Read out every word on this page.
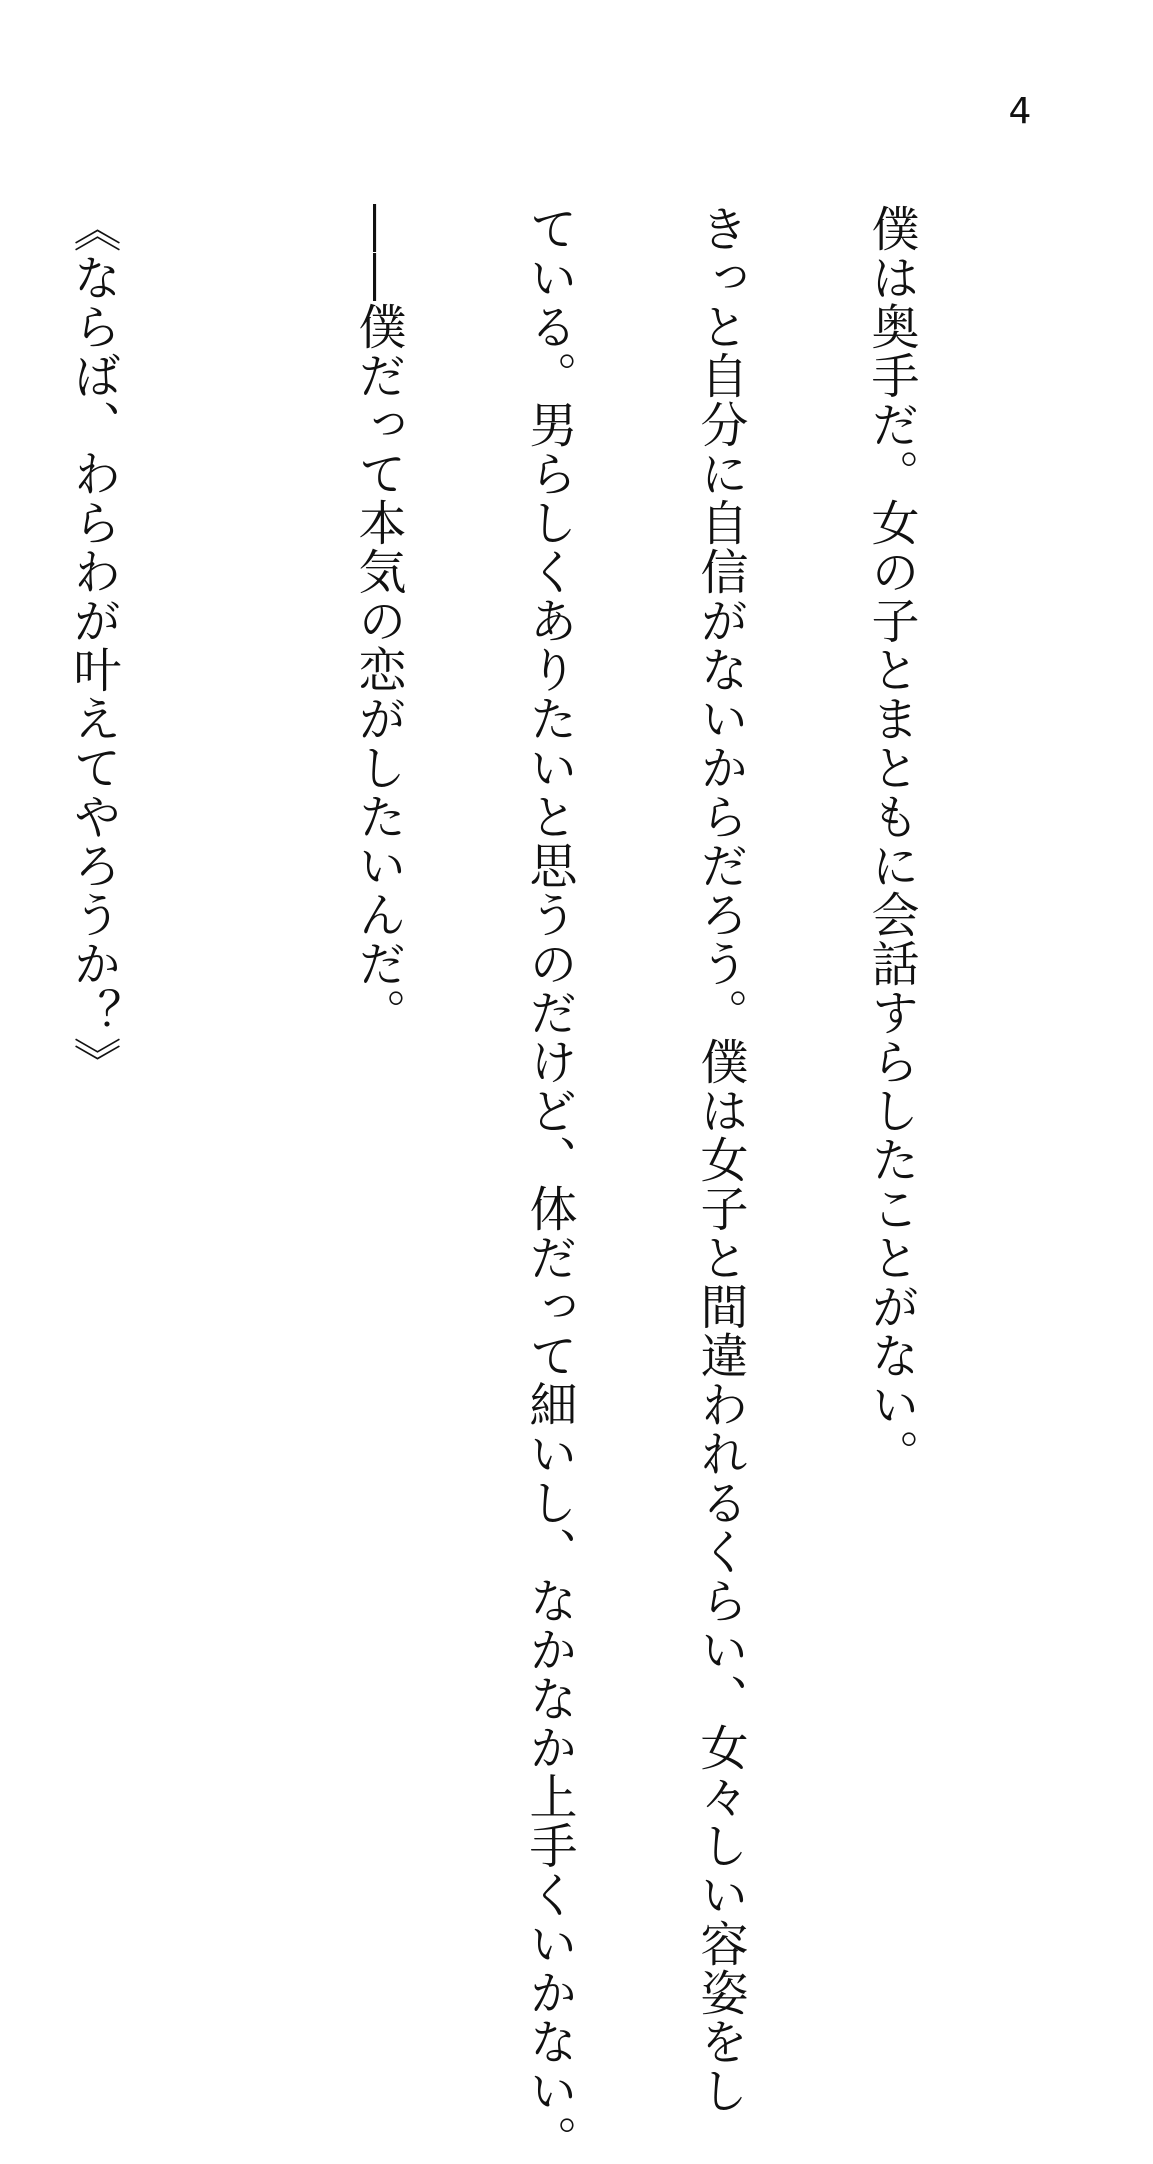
4

僕は奥手だ。女の子とまともに会話すらしたことがない。

きっと自分に自信がないからだろう。僕は女子と間違われるくらい、女々しい容姿をし

ている。男らしくありたいと思うのだけど、体だって細いし、なかなか上手くいかない。

――僕だって本気の恋がしたいんだ。

《ならば、わらわが叶えてやろうか？》
